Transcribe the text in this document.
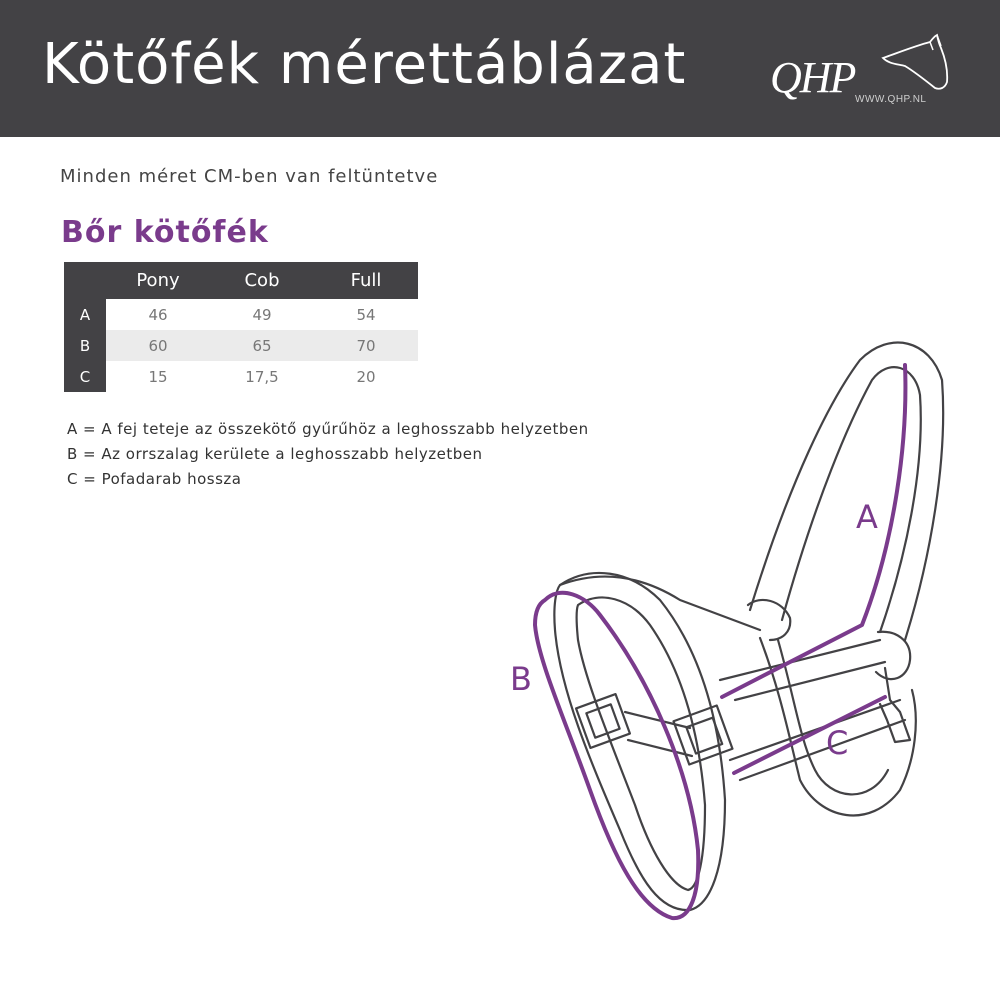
Kötőfék mérettáblázat QHP WWW.QHP.NL
Minden méret CM-ben van feltüntetve
Bőr kötőfék
	Pony	Cob	Full
A	46	49	54
B	60	65	70
C	15	17,5	20
A = A fej teteje az összekötő gyűrűhöz a leghosszabb helyzetben
B = Az orrszalag kerülete a leghosszabb helyzetben
C = Pofadarab hossza
A
B
C
